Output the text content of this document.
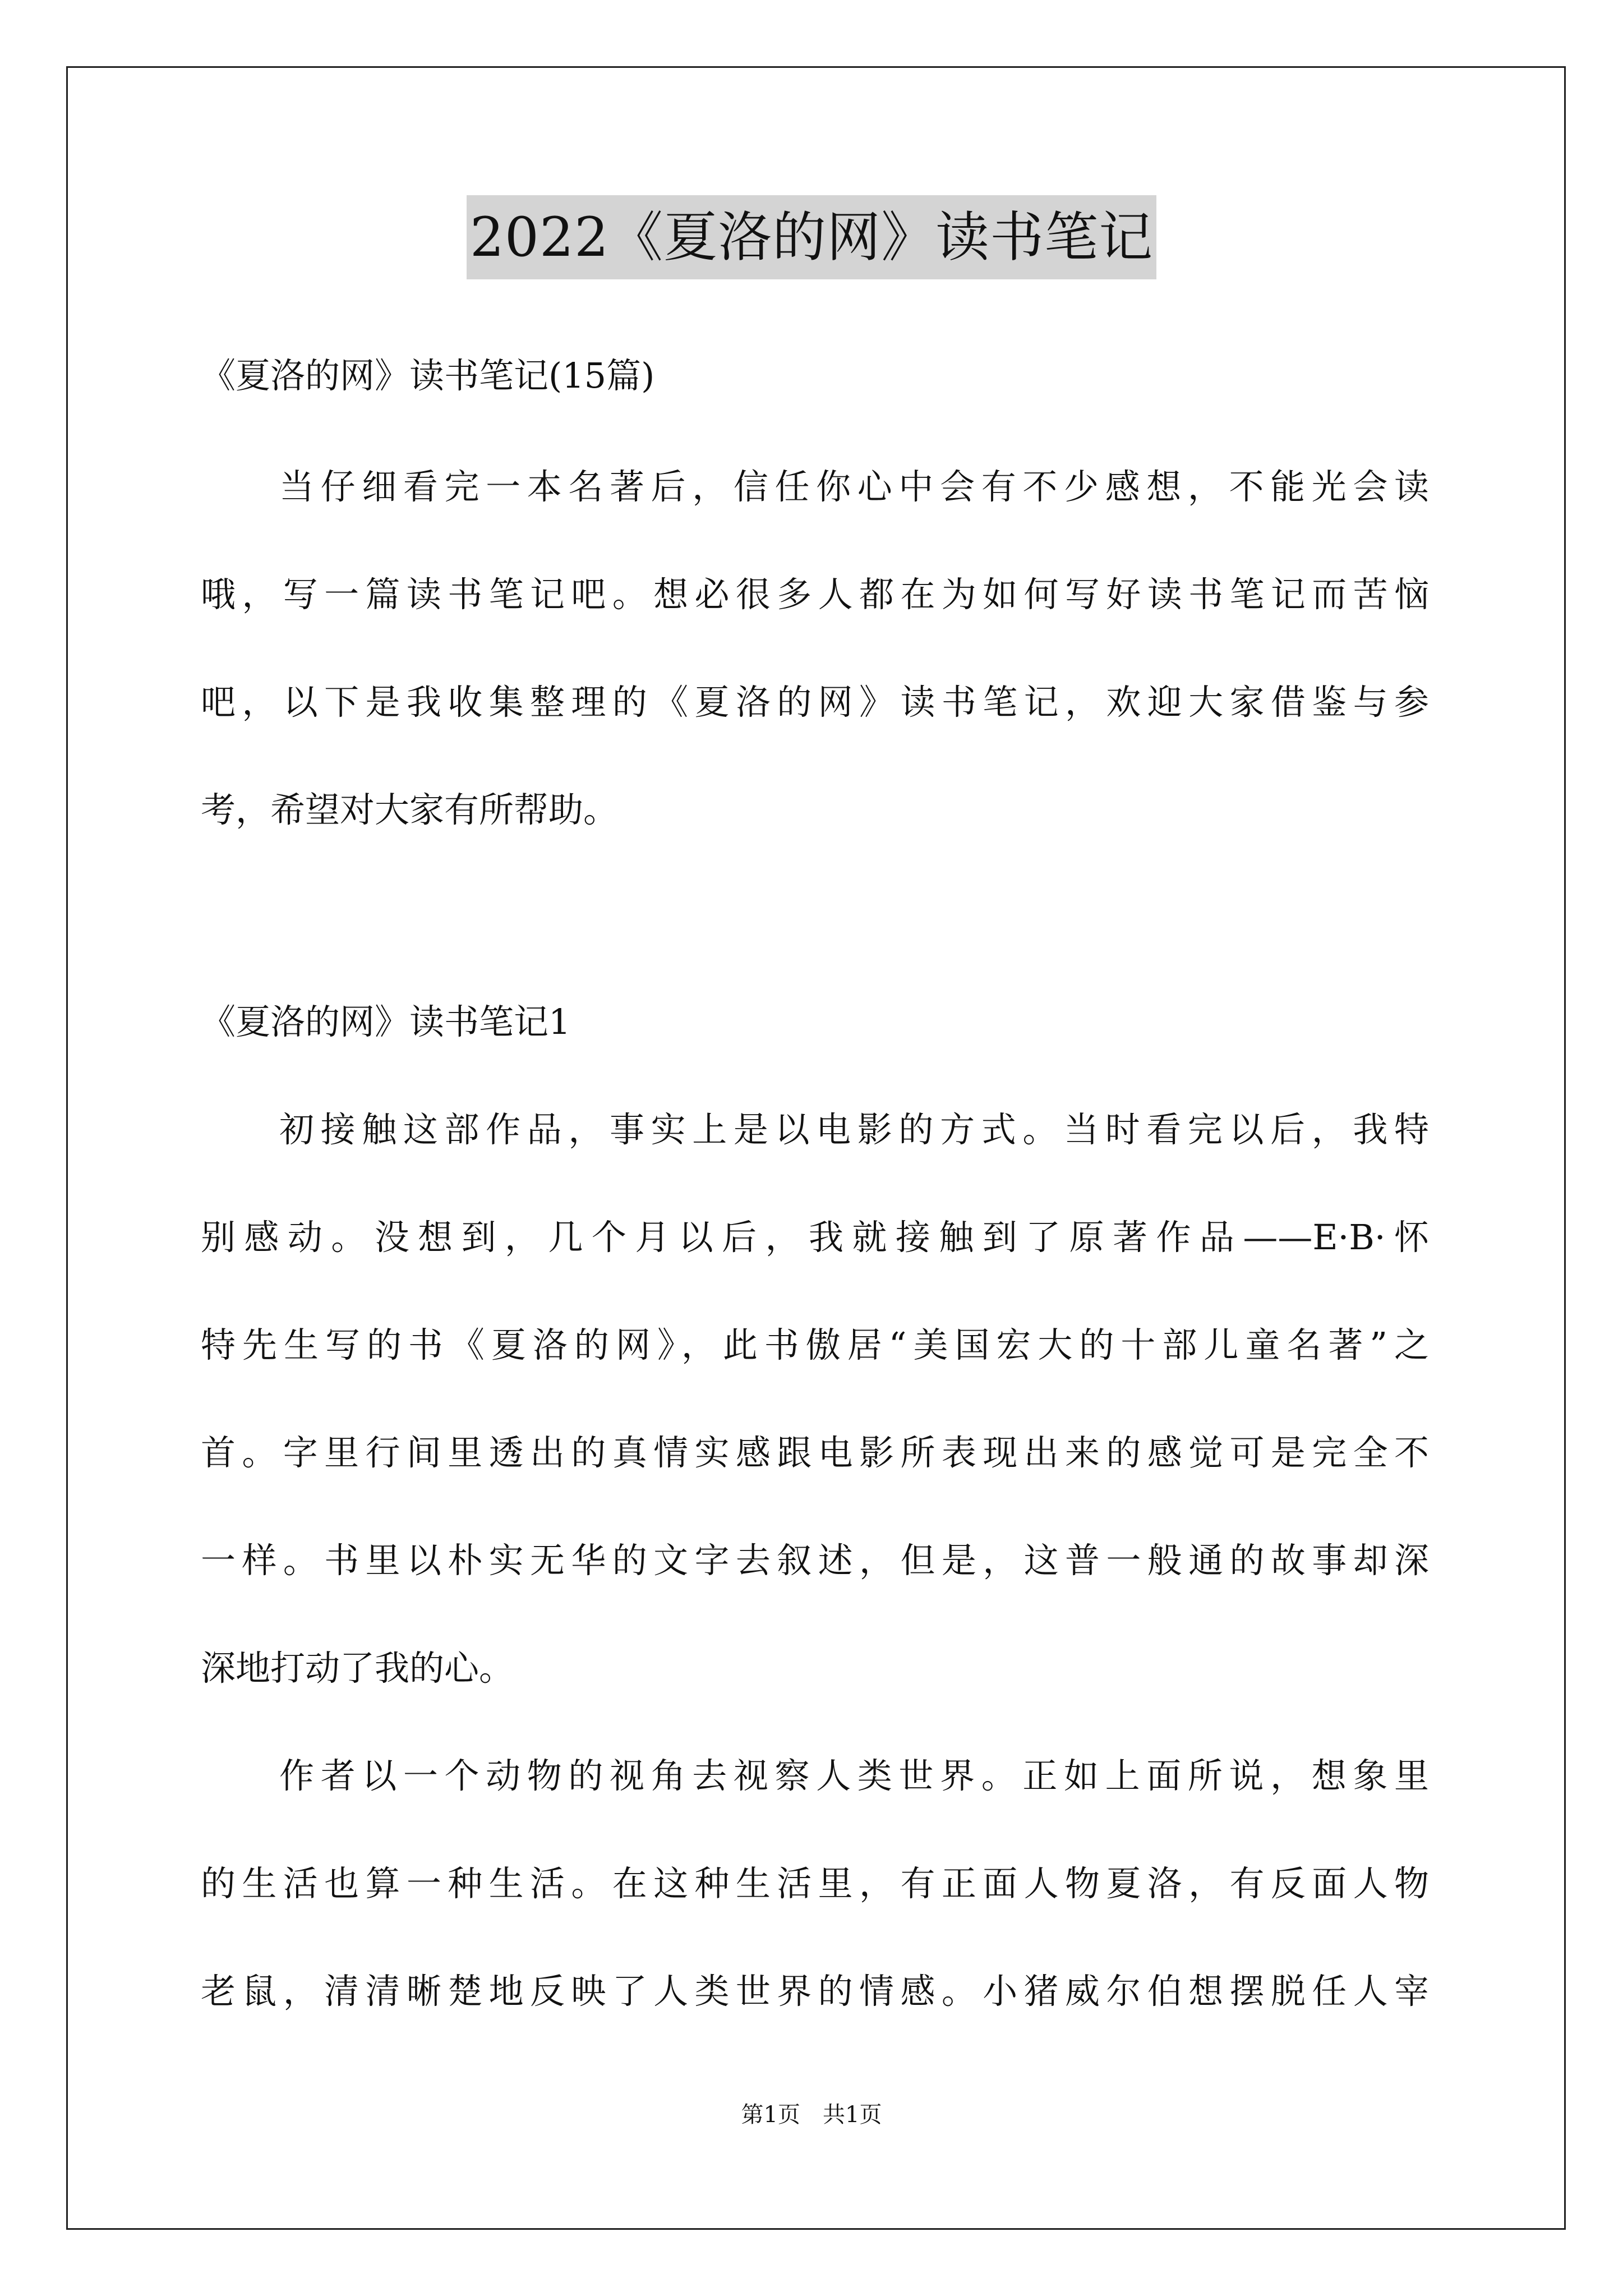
2022《夏洛的网》读书笔记
《夏洛的网》读书笔记(15篇)
当仔细看完一本名著后，信任你心中会有不少感想，不能光会读
哦，写一篇读书笔记吧。想必很多人都在为如何写好读书笔记而苦恼
吧，以下是我收集整理的《夏洛的网》读书笔记，欢迎大家借鉴与参
考，希望对大家有所帮助。
《夏洛的网》读书笔记1
初接触这部作品，事实上是以电影的方式。当时看完以后，我特
别感动。没想到，几个月以后，我就接触到了原著作品——E·B·怀
特先生写的书《夏洛的网》，此书傲居“美国宏大的十部儿童名著”之
首。字里行间里透出的真情实感跟电影所表现出来的感觉可是完全不
一样。书里以朴实无华的文字去叙述，但是，这普一般通的故事却深
深地打动了我的心。
作者以一个动物的视角去视察人类世界。正如上面所说，想象里
的生活也算一种生活。在这种生活里，有正面人物夏洛，有反面人物
老鼠，清清晰楚地反映了人类世界的情感。小猪威尔伯想摆脱任人宰
第1页　共1页
